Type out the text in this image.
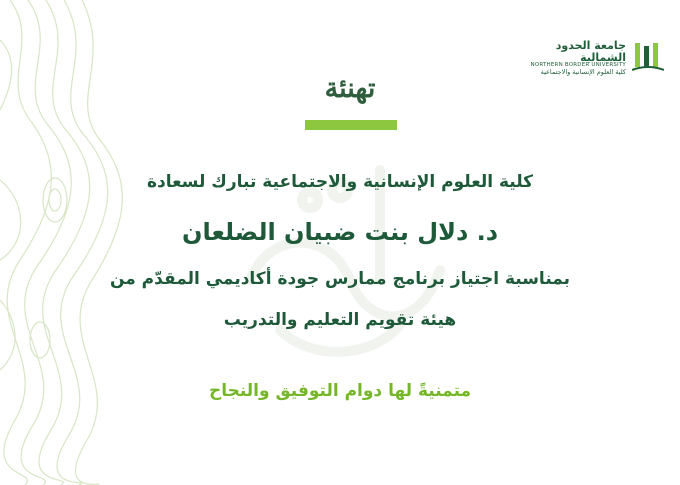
جامعة الحدود الشمالية
NORTHERN BORDER UNIVERSITY
كلية العلوم الإنسانية والاجتماعية
تهنئة
كلية العلوم الإنسانية والاجتماعية تبارك لسعادة
د. دلال بنت ضبيان الضلعان
بمناسبة اجتياز برنامج ممارس جودة أكاديمي المقدّم من
هيئة تقويم التعليم والتدريب
متمنيةً لها دوام التوفيق والنجاح
